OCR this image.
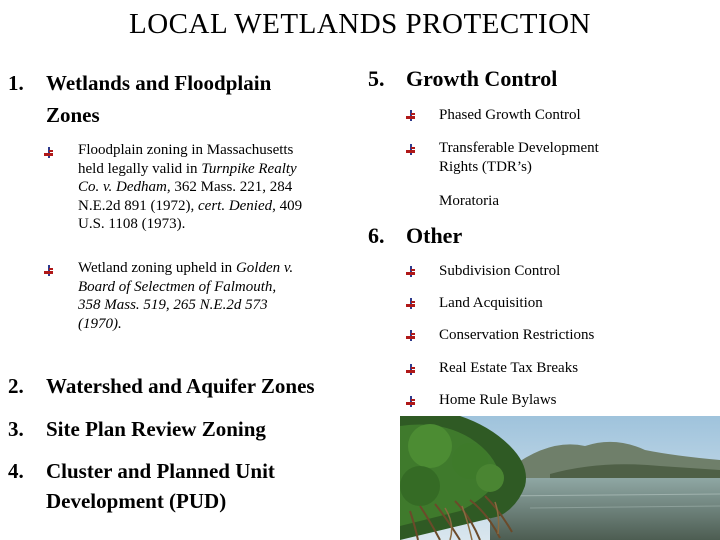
LOCAL WETLANDS PROTECTION
1. Wetlands and Floodplain
Zones
Floodplain zoning in Massachusetts
held legally valid in Turnpike Realty
Co. v. Dedham, 362 Mass. 221, 284
N.E.2d 891 (1972), cert. Denied, 409
U.S. 1108 (1973).
Wetland zoning upheld in Golden v.
Board of Selectmen of Falmouth,
358 Mass. 519, 265 N.E.2d 573
(1970).
2. Watershed and Aquifer Zones
3. Site Plan Review Zoning
4. Cluster and Planned Unit
Development (PUD)
5. Growth Control
Phased Growth Control
Transferable Development
Rights (TDR’s)
Moratoria
6. Other
Subdivision Control
Land Acquisition
Conservation Restrictions
Real Estate Tax Breaks
Home Rule Bylaws
